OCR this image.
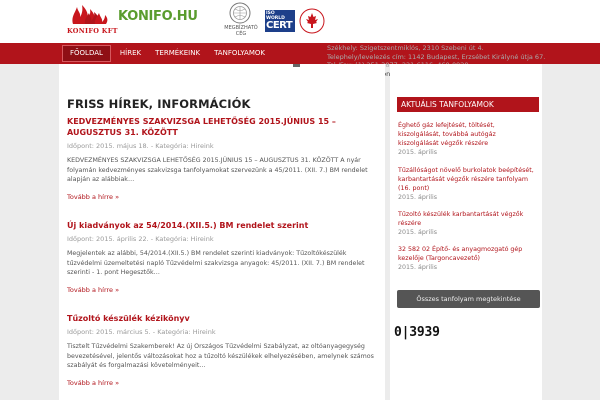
KONIFO KFT
KONIFO.HU
MEGBÍZHATÓ CÉG
ISO WORLD
CERT
FŐOLDAL	HÍREK	TERMÉKEINK	TANFOLYAMOK
Székhely: Szigetszentmiklós, 2310 Szebeni út 4.
Telephely/levelezés cím: 1142 Budapest, Erzsébet Királyné útja 67.
FRISS HÍREK, INFORMÁCIÓK
KEDVEZMÉNYES SZAKVIZSGA LEHETŐSÉG 2015.JÚNIUS 15 – AUGUSZTUS 31. KÖZÖTT
Időpont: 2015. május 18. - Kategória: Hireink
KEDVEZMÉNYES SZAKVIZSGA LEHETŐSÉG 2015.JÚNIUS 15 – AUGUSZTUS 31. KÖZÖTT A nyár folyamán kedvezményes szakvizsga tanfolyamokat szervezünk a 45/2011. (XII. 7.) BM rendelet alapján az alábbiak…
Tovább a hírre »
Új kiadványok az 54/2014.(XII.5.) BM rendelet szerint
Időpont: 2015. április 22. - Kategória: Hireink
Megjelentek az alábbi, 54/2014.(XII.5.) BM rendelet szerinti kiadványok: Tűzoltókészülék tűzvédelmi üzemeltetési napló Tűzvédelmi szakvizsga anyagok: 45/2011. (XII. 7.) BM rendelet szerinti - 1. pont Hegesztők…
Tovább a hírre »
Tűzoltó készülék kézikönyv
Időpont: 2015. március 5. - Kategória: Hireink
Tisztelt Tűzvédelmi Szakemberek! Az új Országos Tűzvédelmi Szabályzat, az oltóanyagegység bevezetésével, jelentős változásokat hoz a tűzoltó készülékek elhelyezésében, amelynek számos szabályát és forgalmazási követelményeit…
Tovább a hírre »
AKTUÁLIS TANFOLYAMOK
Éghető gáz lefejtését, töltését, kiszolgálását, továbbá autógáz kiszolgálását végzők részére
2015. április
Tűzállóságot növelő burkolatok beépítését, karbantartását végzők részére tanfolyam (16. pont)
2015. április
Tűzoltó készülék karbantartását végzők részére
2015. április
32 582 02 Építő- és anyagmozgató gép kezelője (Targoncavezető)
2015. április
Összes tanfolyam megtekintése
0|3939
